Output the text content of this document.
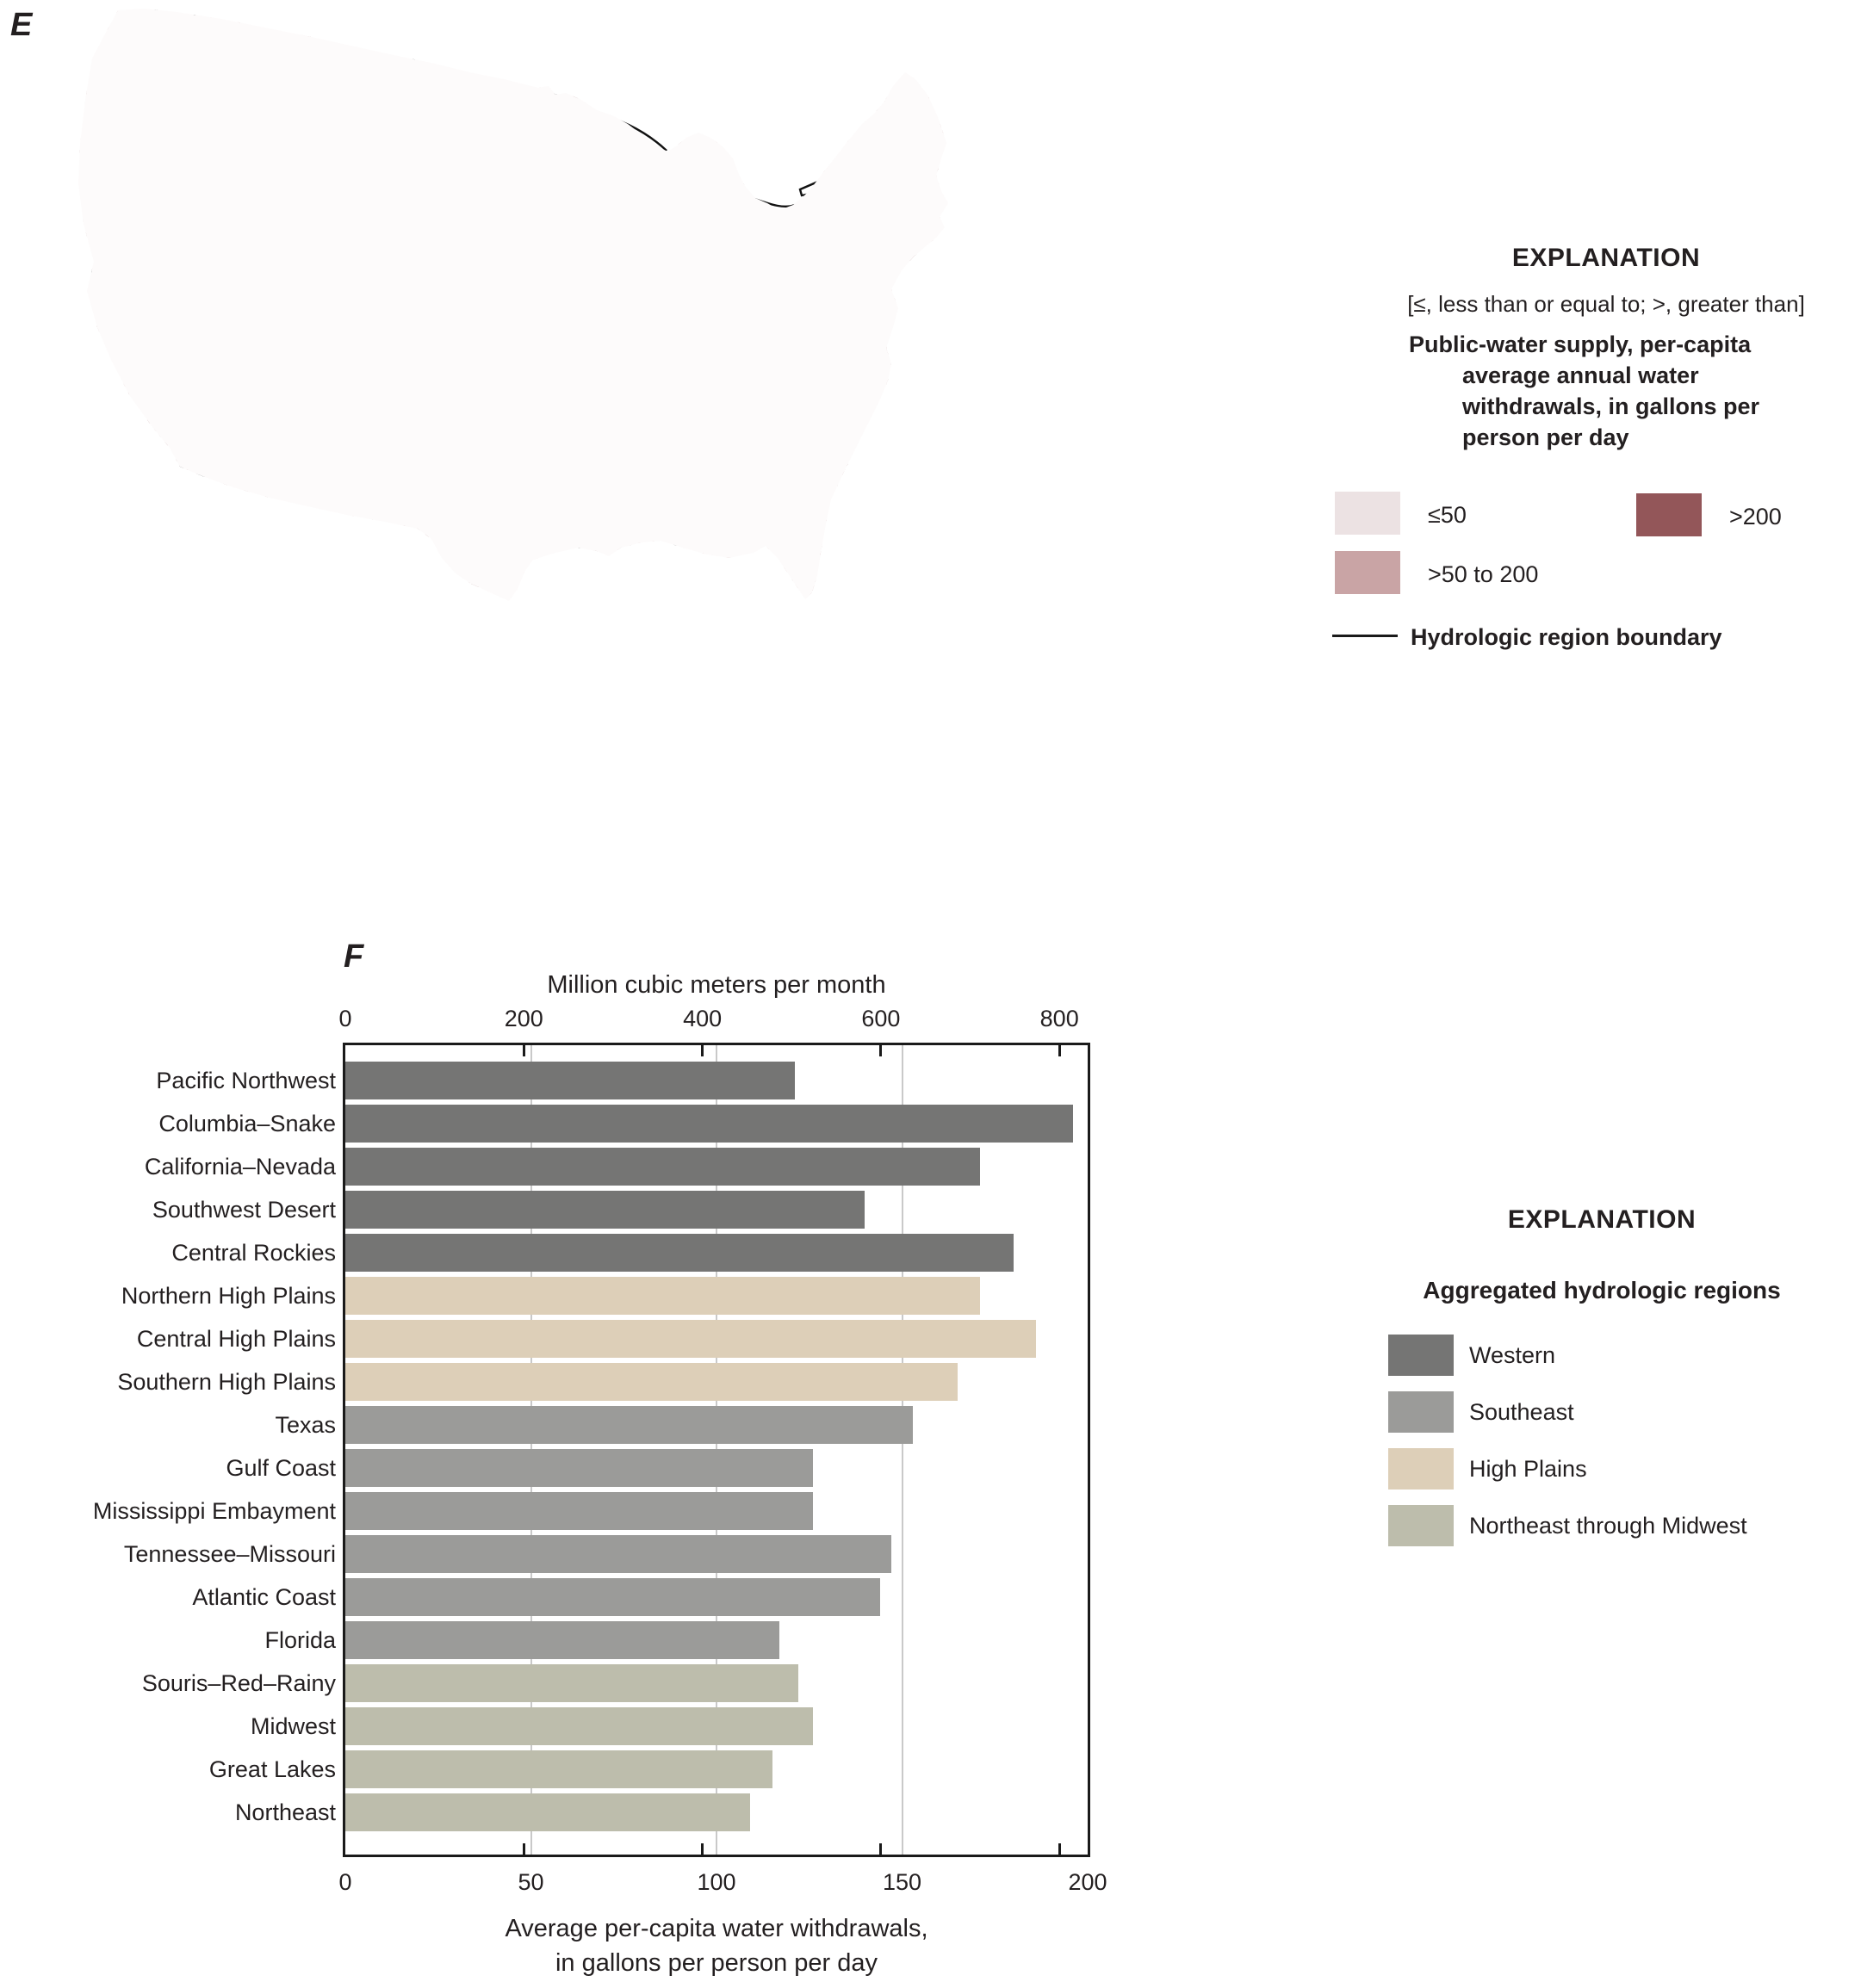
E
EXPLANATION
[≤, less than or equal to; >, greater than]
Public-water supply, per-capita
average annual water
withdrawals, in gallons per
person per day
≤50	>200
>50 to 200
Hydrologic region boundary
F
Million cubic meters per month
0	200	400	600	800
0	50	100	150	200
Pacific Northwest
Columbia–Snake
California–Nevada
Southwest Desert
Central Rockies
Northern High Plains
Central High Plains
Southern High Plains
Texas
Gulf Coast
Mississippi Embayment
Tennessee–Missouri
Atlantic Coast
Florida
Souris–Red–Rainy
Midwest
Great Lakes
Northeast
Average per-capita water withdrawals,
in gallons per person per day
EXPLANATION
Aggregated hydrologic regions
Western
Southeast
High Plains
Northeast through Midwest
